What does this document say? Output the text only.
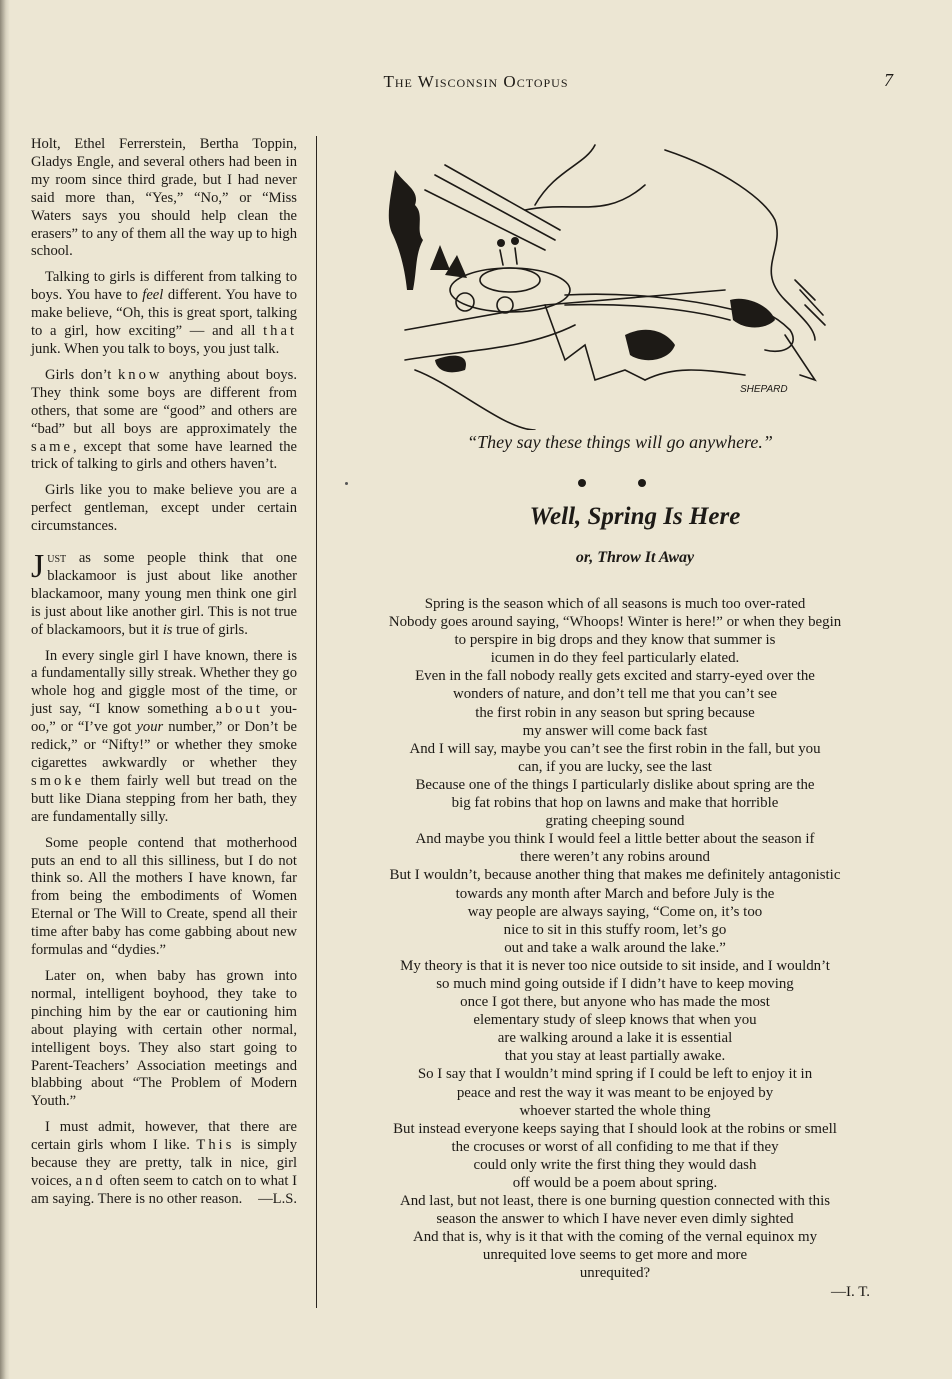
The Wisconsin Octopus	7

Holt, Ethel Ferrerstein, Bertha Toppin, Gladys Engle, and several others had been in my room since third grade, but I had never said more than, “Yes,” “No,” or “Miss Waters says you should help clean the erasers” to any of them all the way up to high school.

Talking to girls is different from talking to boys. You have to feel different. You have to make believe, “Oh, this is great sport, talking to a girl, how exciting” — and all that junk. When you talk to boys, you just talk.

Girls don’t know anything about boys. They think some boys are different from others, that some are “good” and others are “bad” but all boys are approximately the same, except that some have learned the trick of talking to girls and others haven’t.

Girls like you to make believe you are a perfect gentleman, except under certain circumstances.

Just as some people think that one blackamoor is just about like another blackamoor, many young men think one girl is just about like another girl. This is not true of blackamoors, but it is true of girls.

In every single girl I have known, there is a fundamentally silly streak. Whether they go whole hog and giggle most of the time, or just say, “I know something about you-oo,” or “I’ve got your number,” or Don’t be redick,” or “Nifty!” or whether they smoke cigarettes awkwardly or whether they smoke them fairly well but tread on the butt like Diana stepping from her bath, they are fundamentally silly.

Some people contend that motherhood puts an end to all this silliness, but I do not think so. All the mothers I have known, far from being the embodiments of Women Eternal or The Will to Create, spend all their time after baby has come gabbing about new formulas and “dydies.”

Later on, when baby has grown into normal, intelligent boyhood, they take to pinching him by the ear or cautioning him about playing with certain other normal, intelligent boys. They also start going to Parent-Teachers’ Association meetings and blabbing about “The Problem of Modern Youth.”

I must admit, however, that there are certain girls whom I like. This is simply because they are pretty, talk in nice, girl voices, and often seem to catch on to what I am saying. There is no other reason.	—L.S.

SHEPARD
“They say these things will go anywhere.”
Well, Spring Is Here
or, Throw It Away
Spring is the season which of all seasons is much too over-rated
Nobody goes around saying, “Whoops! Winter is here!” or when they begin
to perspire in big drops and they know that summer is
icumen in do they feel particularly elated.
Even in the fall nobody really gets excited and starry-eyed over the
wonders of nature, and don’t tell me that you can’t see
the first robin in any season but spring because
my answer will come back fast
And I will say, maybe you can’t see the first robin in the fall, but you
can, if you are lucky, see the last
Because one of the things I particularly dislike about spring are the
big fat robins that hop on lawns and make that horrible
grating cheeping sound
And maybe you think I would feel a little better about the season if
there weren’t any robins around
But I wouldn’t, because another thing that makes me definitely antagonistic
towards any month after March and before July is the
way people are always saying, “Come on, it’s too
nice to sit in this stuffy room, let’s go
out and take a walk around the lake.”
My theory is that it is never too nice outside to sit inside, and I wouldn’t
so much mind going outside if I didn’t have to keep moving
once I got there, but anyone who has made the most
elementary study of sleep knows that when you
are walking around a lake it is essential
that you stay at least partially awake.
So I say that I wouldn’t mind spring if I could be left to enjoy it in
peace and rest the way it was meant to be enjoyed by
whoever started the whole thing
But instead everyone keeps saying that I should look at the robins or smell
the crocuses or worst of all confiding to me that if they
could only write the first thing they would dash
off would be a poem about spring.
And last, but not least, there is one burning question connected with this
season the answer to which I have never even dimly sighted
And that is, why is it that with the coming of the vernal equinox my
unrequited love seems to get more and more
unrequited?
—I. T.
